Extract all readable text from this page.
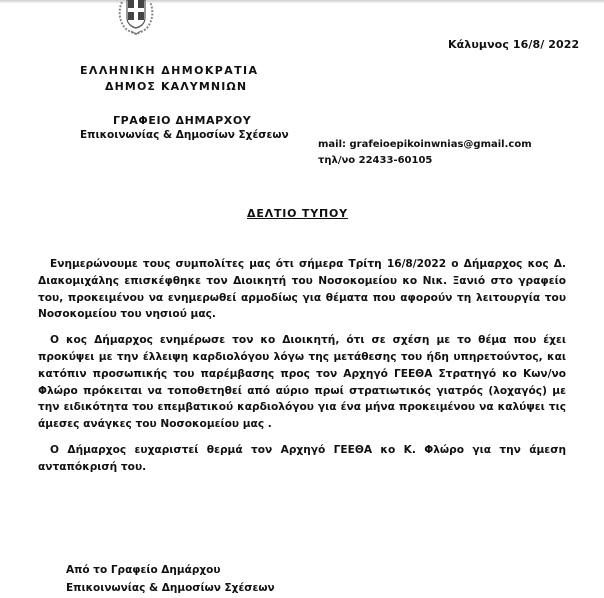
Κάλυμνος 16/8/ 2022
ΕΛΛΗΝΙΚΗ ΔΗΜΟΚΡΑΤΙΑ
ΔΗΜΟΣ ΚΑΛΥΜΝΙΩΝ
ΓΡΑΦΕΙΟ ΔΗΜΑΡΧΟΥ
Επικοινωνίας & Δημοσίων Σχέσεων
mail: grafeioepikoinwnias@gmail.com
τηλ/νο 22433-60105
ΔΕΛΤΙΟ ΤΥΠΟΥ

Ενημερώνουμε τους συμπολίτες μας ότι σήμερα Τρίτη 16/8/2022 ο Δήμαρχος κος Δ. Διακομιχάλης επισκέφθηκε τον Διοικητή του Νοσοκομείου κο Νικ. Ξανιό στο γραφείο του, προκειμένου να ενημερωθεί αρμοδίως για θέματα που αφορούν τη λειτουργία του Νοσοκομείου του νησιού μας.

Ο κος Δήμαρχος ενημέρωσε τον κο Διοικητή, ότι σε σχέση με το θέμα που έχει προκύψει με την έλλειψη καρδιολόγου λόγω της μετάθεσης του ήδη υπηρετούντος, και κατόπιν προσωπικής του παρέμβασης προς τον Αρχηγό ΓΕΕΘΑ Στρατηγό κο Κων/νο Φλώρο πρόκειται να τοποθετηθεί από αύριο πρωί στρατιωτικός γιατρός (λοχαγός) με την ειδικότητα του επεμβατικού καρδιολόγου για ένα μήνα προκειμένου να καλύψει τις άμεσες ανάγκες του Νοσοκομείου μας .

Ο Δήμαρχος ευχαριστεί θερμά τον Αρχηγό ΓΕΕΘΑ κο Κ. Φλώρο για την άμεση ανταπόκρισή του.

Από το Γραφείο Δημάρχου
Επικοινωνίας & Δημοσίων Σχέσεων
